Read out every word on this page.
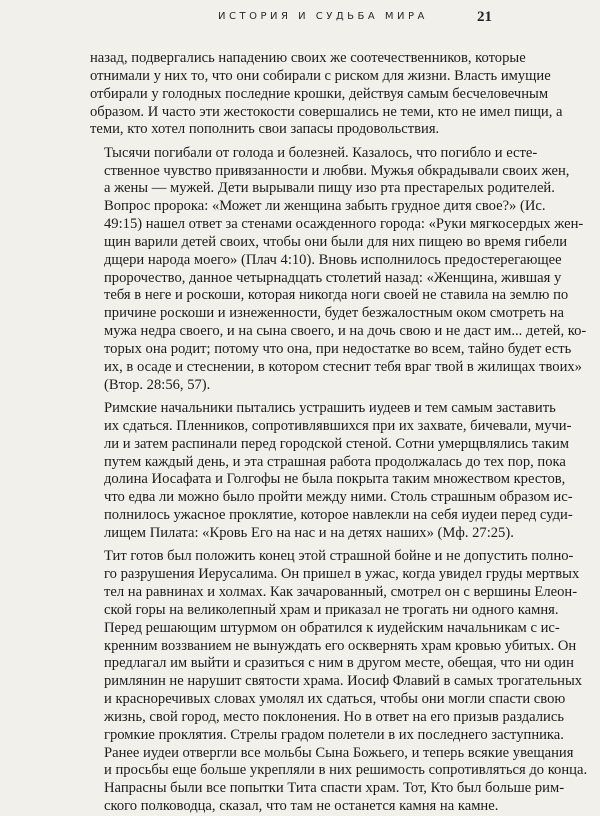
ИСТОРИЯ И СУДЬБА МИРА	21

назад, подвергались нападению своих же соотечественников, которые
отнимали у них то, что они собирали с риском для жизни. Власть имущие
отбирали у голодных последние крошки, действуя самым бесчеловечным
образом. И часто эти жестокости совершались не теми, кто не имел пищи, а
теми, кто хотел пополнить свои запасы продовольствия.

Тысячи погибали от голода и болезней. Казалось, что погибло и есте-
ственное чувство привязанности и любви. Мужья обкрадывали своих жен,
а жены — мужей. Дети вырывали пищу изо рта престарелых родителей.
Вопрос пророка: «Может ли женщина забыть грудное дитя свое?» (Ис.
49:15) нашел ответ за стенами осажденного города: «Руки мягкосердых жен-
щин варили детей своих, чтобы они были для них пищею во время гибели
дщери народа моего» (Плач 4:10). Вновь исполнилось предостерегающее
пророчество, данное четырнадцать столетий назад: «Женщина, жившая у
тебя в неге и роскоши, которая никогда ноги своей не ставила на землю по
причине роскоши и изнеженности, будет безжалостным оком смотреть на
мужа недра своего, и на сына своего, и на дочь свою и не даст им... детей, ко-
торых она родит; потому что она, при недостатке во всем, тайно будет есть
их, в осаде и стеснении, в котором стеснит тебя враг твой в жилищах твоих»
(Втор. 28:56, 57).

Римские начальники пытались устрашить иудеев и тем самым заставить
их сдаться. Пленников, сопротивлявшихся при их захвате, бичевали, мучи-
ли и затем распинали перед городской стеной. Сотни умерщвлялись таким
путем каждый день, и эта страшная работа продолжалась до тех пор, пока
долина Иосафата и Голгофы не была покрыта таким множеством крестов,
что едва ли можно было пройти между ними. Столь страшным образом ис-
полнилось ужасное проклятие, которое навлекли на себя иудеи перед суди-
лищем Пилата: «Кровь Его на нас и на детях наших» (Мф. 27:25).

Тит готов был положить конец этой страшной бойне и не допустить полно-
го разрушения Иерусалима. Он пришел в ужас, когда увидел груды мертвых
тел на равнинах и холмах. Как зачарованный, смотрел он с вершины Елеон-
ской горы на великолепный храм и приказал не трогать ни одного камня.
Перед решающим штурмом он обратился к иудейским начальникам с ис-
кренним воззванием не вынуждать его осквернять храм кровью убитых. Он
предлагал им выйти и сразиться с ним в другом месте, обещая, что ни один
римлянин не нарушит святости храма. Иосиф Флавий в самых трогательных
и красноречивых словах умолял их сдаться, чтобы они могли спасти свою
жизнь, свой город, место поклонения. Но в ответ на его призыв раздались
громкие проклятия. Стрелы градом полетели в их последнего заступника.
Ранее иудеи отвергли все мольбы Сына Божьего, и теперь всякие увещания
и просьбы еще больше укрепляли в них решимость сопротивляться до конца.
Напрасны были все попытки Тита спасти храм. Тот, Кто был больше рим-
ского полководца, сказал, что там не останется камня на камне.
